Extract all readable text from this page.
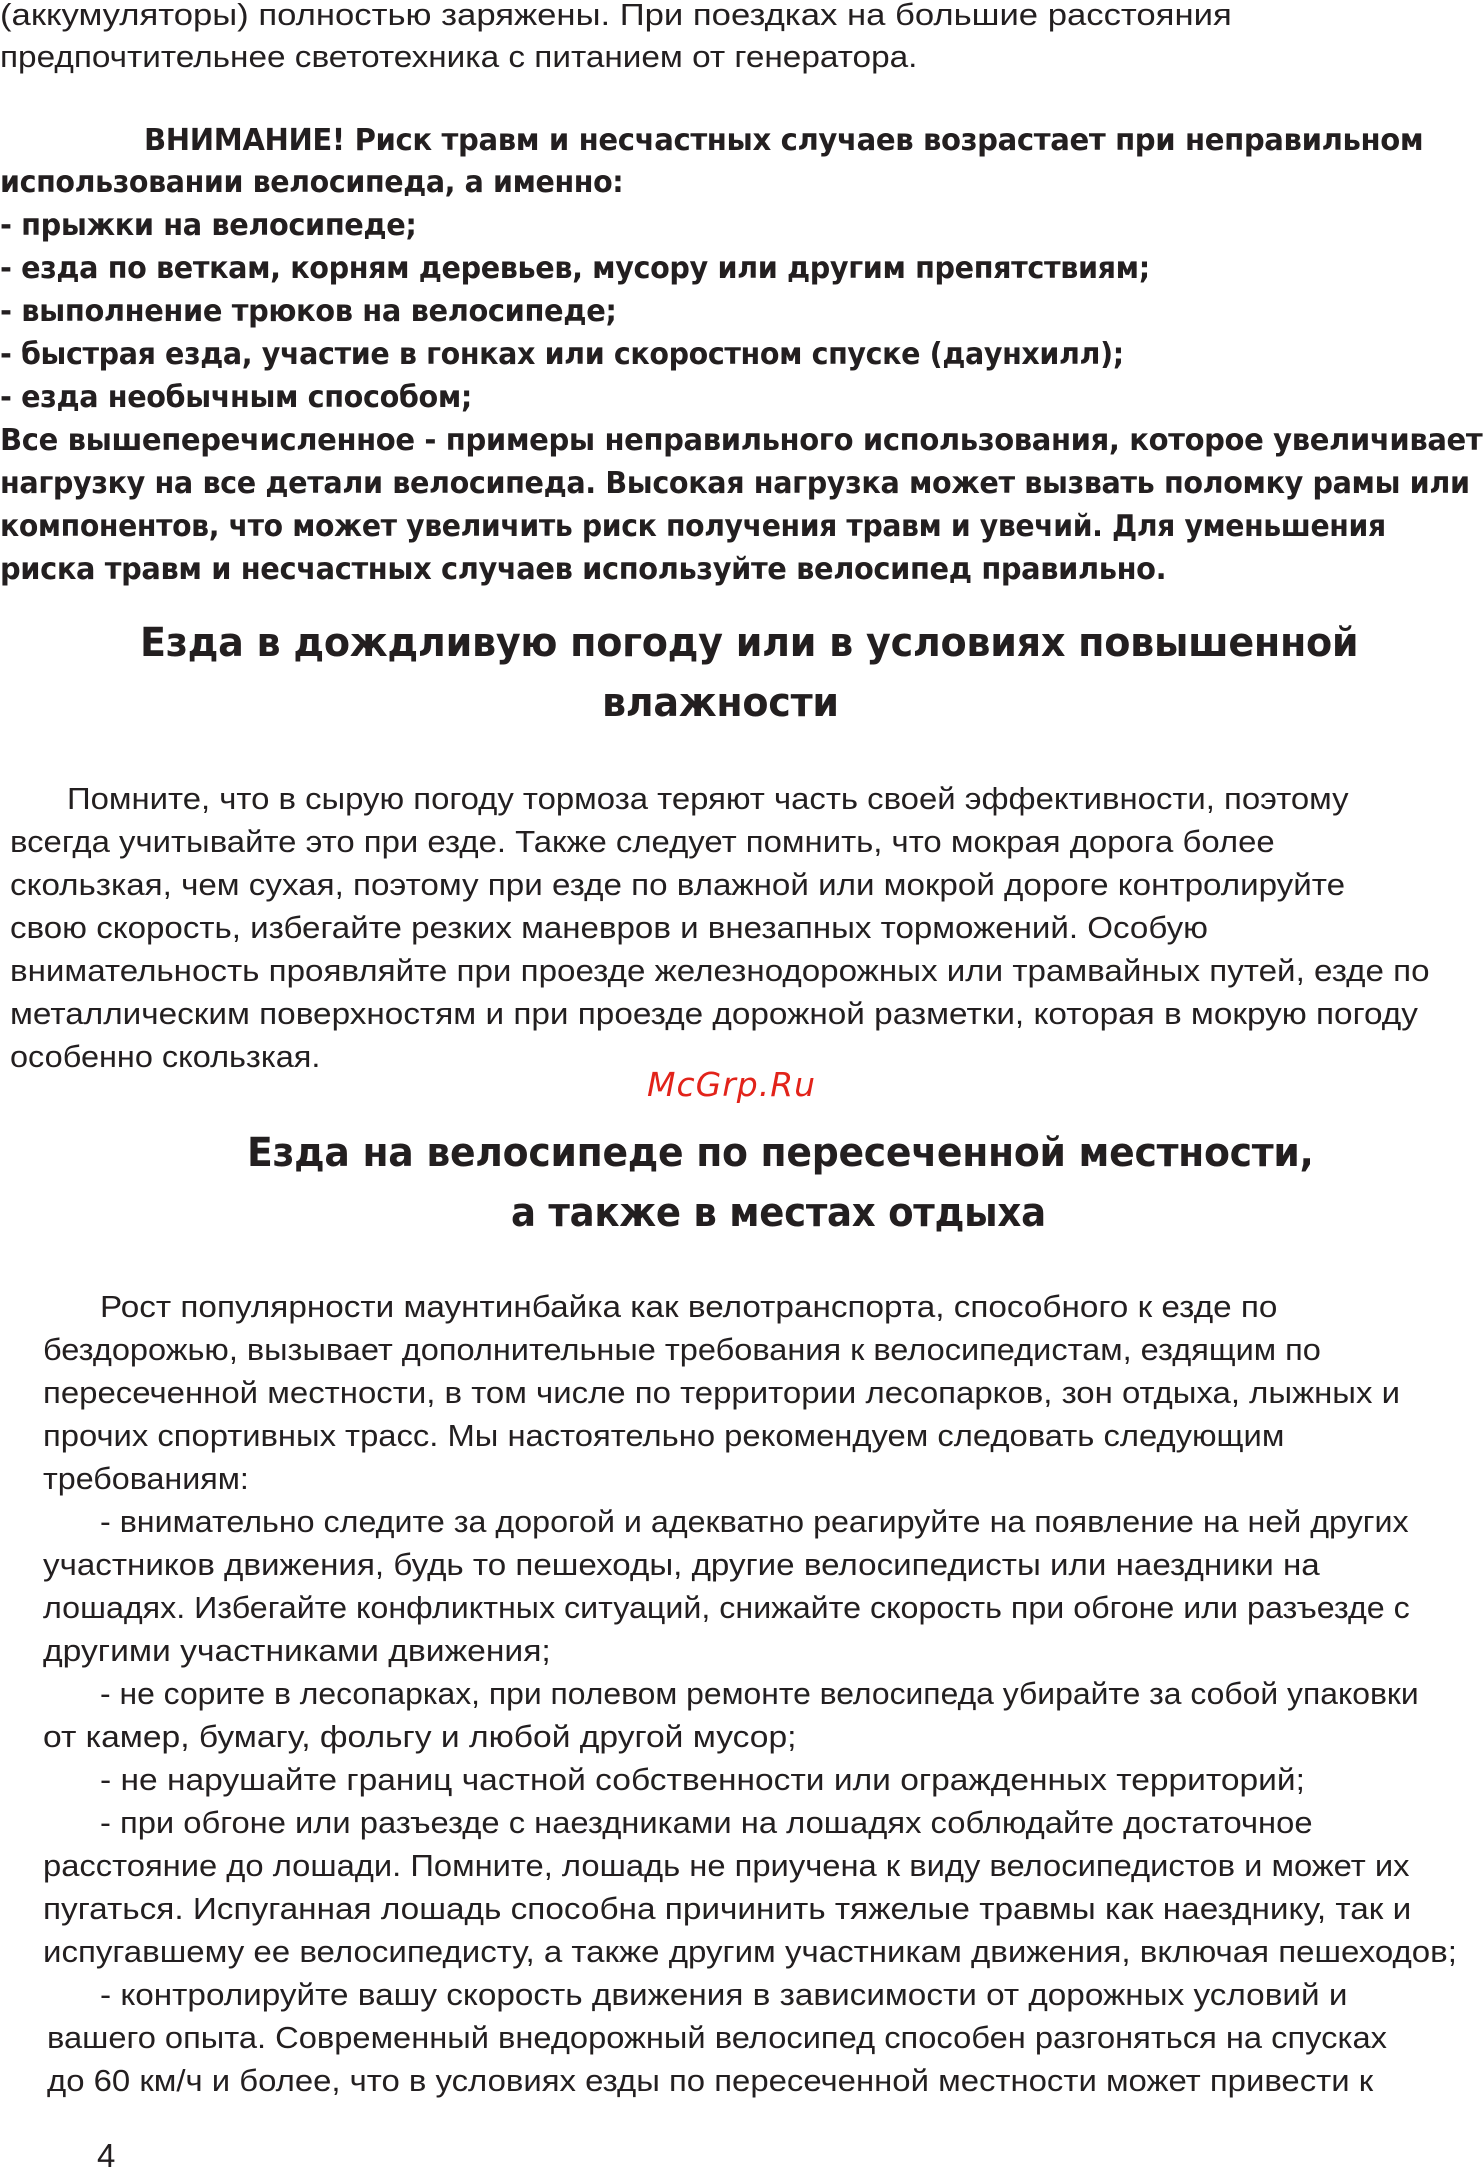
(аккумуляторы) полностью заряжены. При поездках на большие расстояния

предпочтительнее светотехника с питанием от генератора.

ВНИМАНИЕ! Риск травм и несчастных случаев возрастает при неправильном

использовании велосипеда, а именно:

- прыжки на велосипеде;

- езда по веткам, корням деревьев, мусору или другим препятствиям;

- выполнение трюков на велосипеде;

- быстрая езда, участие в гонках или скоростном спуске (даунхилл);

- езда необычным способом;

Все вышеперечисленное - примеры неправильного использования, которое увеличивает

нагрузку на все детали велосипеда. Высокая нагрузка может вызвать поломку рамы или

компонентов, что может увеличить риск получения травм и увечий. Для уменьшения

риска травм и несчастных случаев используйте велосипед правильно.

Езда в дождливую погоду или в условиях повышенной
влажности

Помните, что в сырую погоду тормоза теряют часть своей эффективности, поэтому

всегда учитывайте это при езде. Также следует помнить, что мокрая дорога более

скользкая, чем сухая, поэтому при езде по влажной или мокрой дороге контролируйте

свою скорость, избегайте резких маневров и внезапных торможений. Особую

внимательность проявляйте при проезде железнодорожных или трамвайных путей, езде по

металлическим поверхностям и при проезде дорожной разметки, которая в мокрую погоду

особенно скользкая.

McGrp.Ru
Езда на велосипеде по пересеченной местности,
а также в местах отдыха

Рост популярности маунтинбайка как велотранспорта, способного к езде по

бездорожью, вызывает дополнительные требования к велосипедистам, ездящим по

пересеченной местности, в том числе по территории лесопарков, зон отдыха, лыжных и

прочих спортивных трасс. Мы настоятельно рекомендуем следовать следующим

требованиям:

- внимательно следите за дорогой и адекватно реагируйте на появление на ней других

участников движения, будь то пешеходы, другие велосипедисты или наездники на

лошадях. Избегайте конфликтных ситуаций, снижайте скорость при обгоне или разъезде с

другими участниками движения;

- не сорите в лесопарках, при полевом ремонте велосипеда убирайте за собой упаковки

от камер, бумагу, фольгу и любой другой мусор;

- не нарушайте границ частной собственности или огражденных территорий;

- при обгоне или разъезде с наездниками на лошадях соблюдайте достаточное

расстояние до лошади. Помните, лошадь не приучена к виду велосипедистов и может их

пугаться. Испуганная лошадь способна причинить тяжелые травмы как наезднику, так и

испугавшему ее велосипедисту, а также другим участникам движения, включая пешеходов;

- контролируйте вашу скорость движения в зависимости от дорожных условий и

вашего опыта. Современный внедорожный велосипед способен разгоняться на спусках

до 60 км/ч и более, что в условиях езды по пересеченной местности может привести к

4
